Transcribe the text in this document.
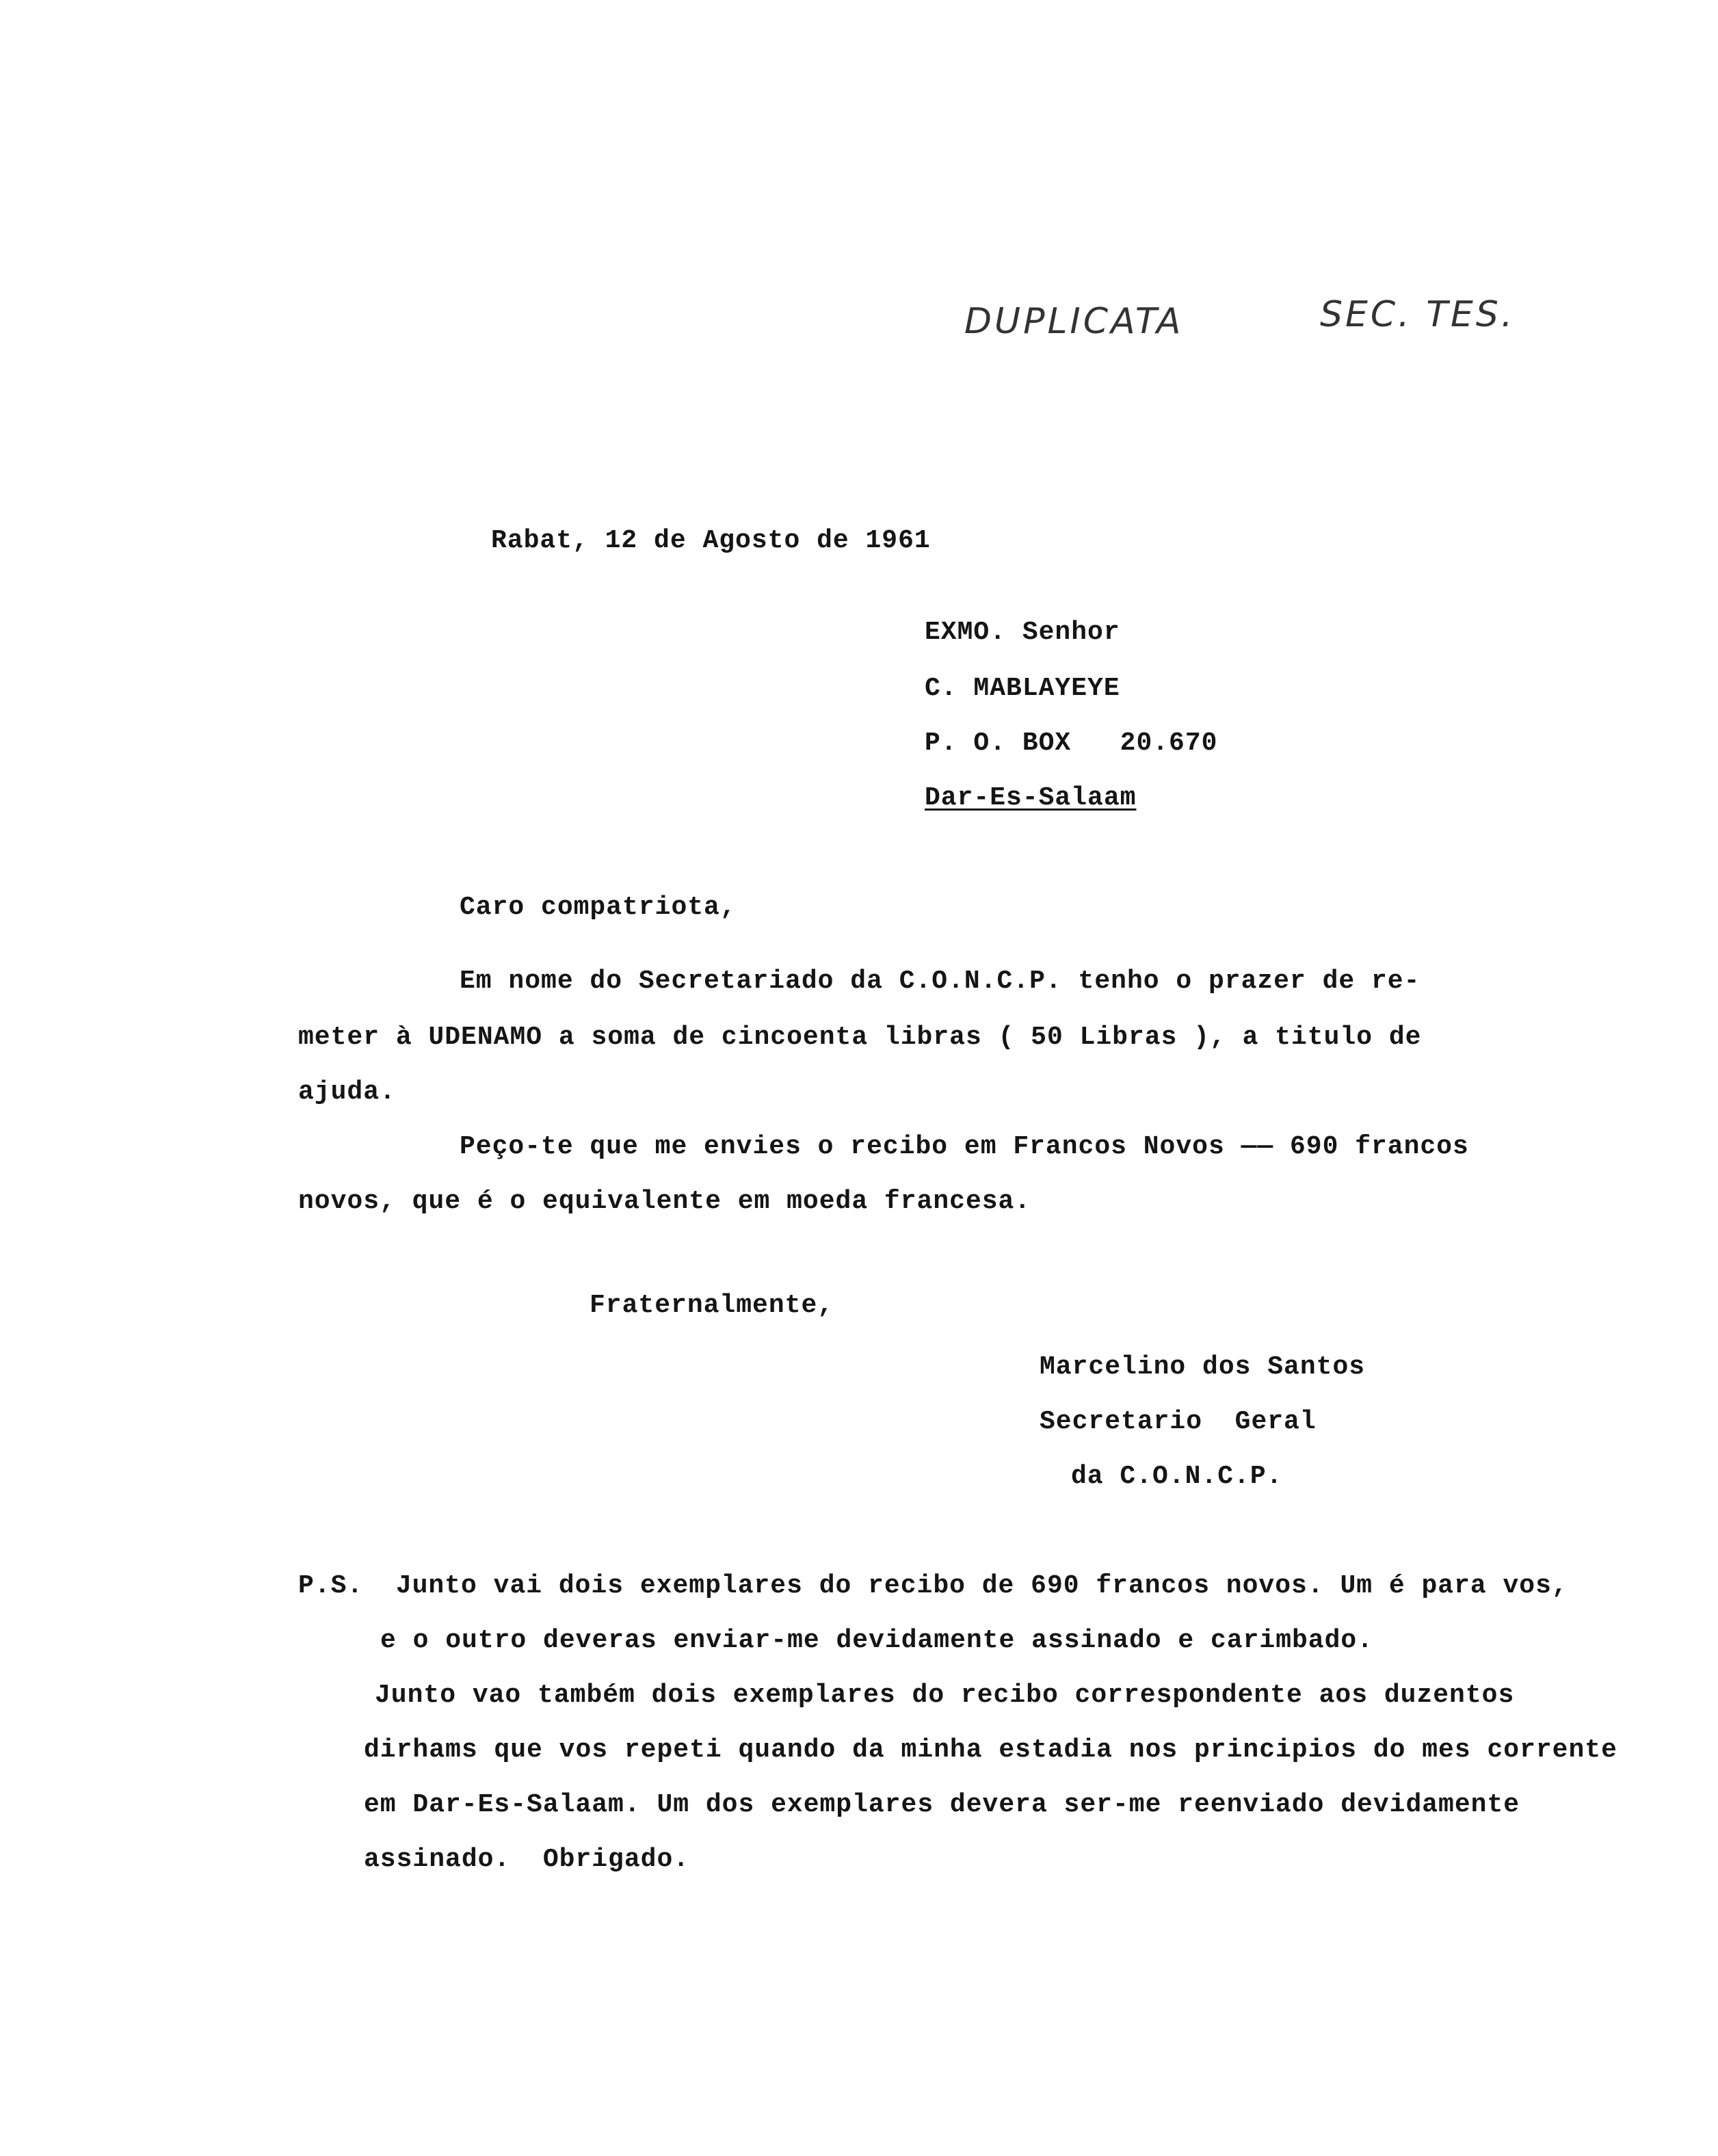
DUPLICATA	SEC. TES.
Rabat, 12 de Agosto de 1961
EXMO. Senhor
C. MABLAYEYE
P. O. BOX   20.670
Dar-Es-Salaam
Caro compatriota,
Em nome do Secretariado da C.O.N.C.P. tenho o prazer de re-
meter à UDENAMO a soma de cincoenta libras ( 50 Libras ), a titulo de
ajuda.
Peço-te que me envies o recibo em Francos Novos —— 690 francos
novos, que é o equivalente em moeda francesa.
Fraternalmente,
Marcelino dos Santos
Secretario  Geral
da C.O.N.C.P.
P.S.  Junto vai dois exemplares do recibo de 690 francos novos. Um é para vos,
e o outro deveras enviar-me devidamente assinado e carimbado.
Junto vao também dois exemplares do recibo correspondente aos duzentos
dirhams que vos repeti quando da minha estadia nos principios do mes corrente
em Dar-Es-Salaam. Um dos exemplares devera ser-me reenviado devidamente
assinado.  Obrigado.
